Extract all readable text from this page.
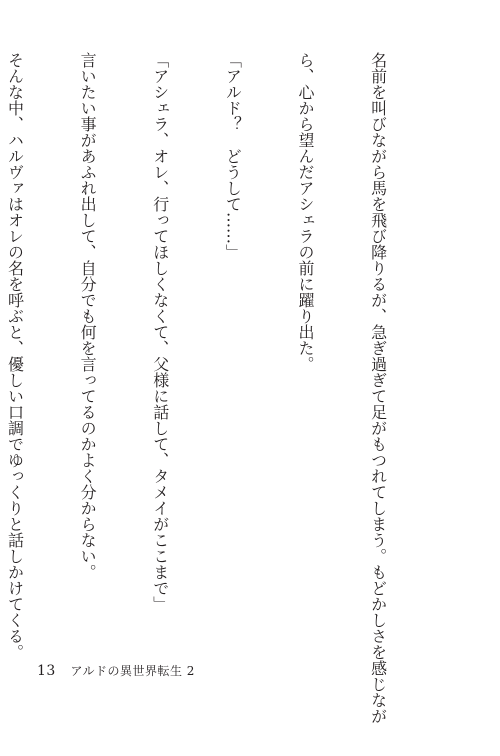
名前を叫びながら馬を飛び降りるが、急ぎ過ぎて足がもつれてしまう。もどかしさを感じなが

ら、心から望んだアシェラの前に躍り出た。

「アルド？　どうして……」

「アシェラ、オレ、行ってほしくなくて、父様に話して、タメイがここまで」

言いたい事があふれ出して、自分でも何を言ってるのかよく分からない。

そんな中、ハルヴァはオレの名を呼ぶと、優しい口調でゆっくりと話しかけてくる。

13 アルドの異世界転生 2
